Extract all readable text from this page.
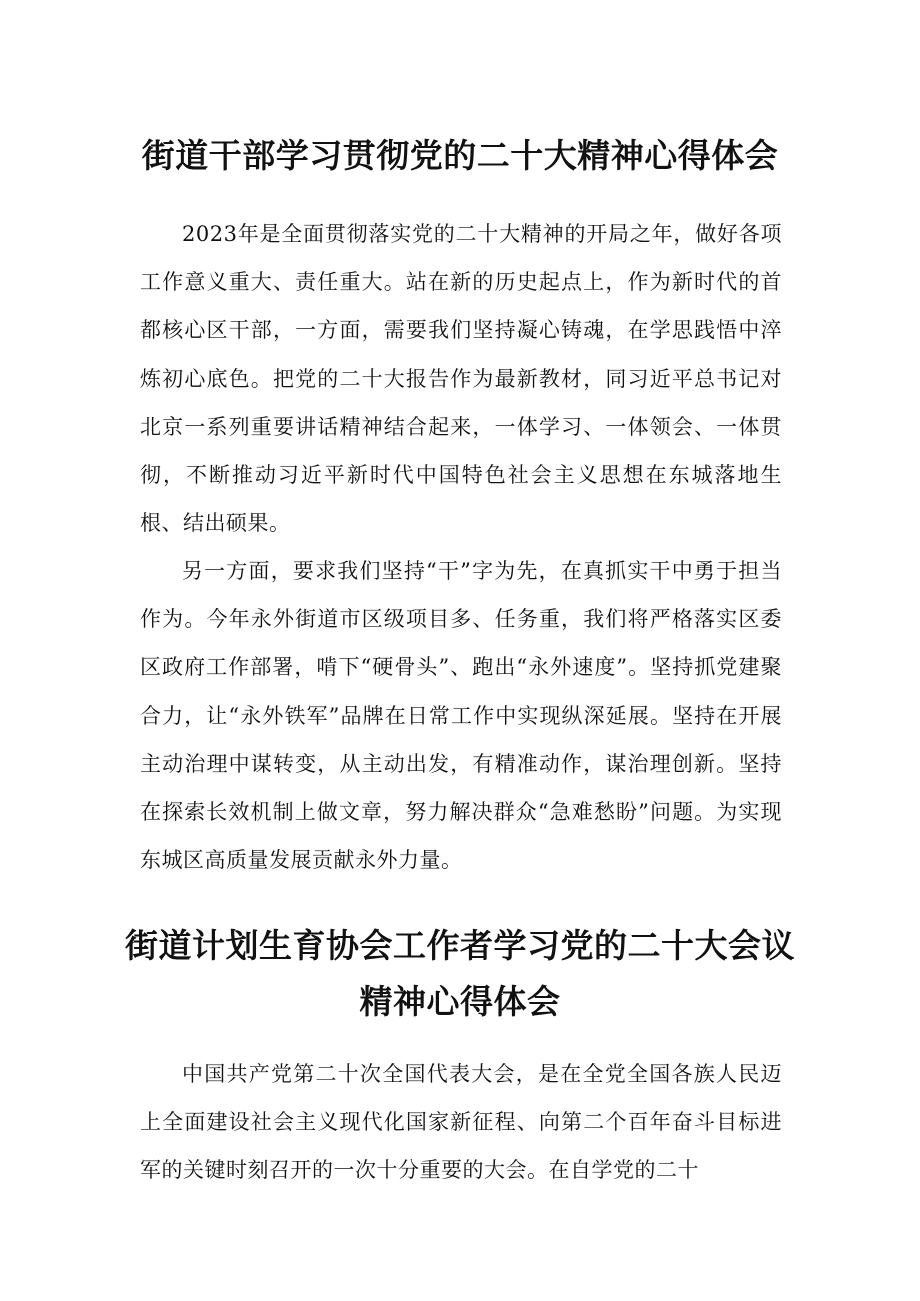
街道干部学习贯彻党的二十大精神心得体会

2023年是全面贯彻落实党的二十大精神的开局之年，做好各项工作意义重大、责任重大。站在新的历史起点上，作为新时代的首都核心区干部，一方面，需要我们坚持凝心铸魂，在学思践悟中淬炼初心底色。把党的二十大报告作为最新教材，同习近平总书记对北京一系列重要讲话精神结合起来，一体学习、一体领会、一体贯彻，不断推动习近平新时代中国特色社会主义思想在东城落地生根、结出硕果。

另一方面，要求我们坚持“干”字为先，在真抓实干中勇于担当作为。今年永外街道市区级项目多、任务重，我们将严格落实区委区政府工作部署，啃下“硬骨头”、跑出“永外速度”。坚持抓党建聚合力，让“永外铁军”品牌在日常工作中实现纵深延展。坚持在开展主动治理中谋转变，从主动出发，有精准动作，谋治理创新。坚持在探索长效机制上做文章，努力解决群众“急难愁盼”问题。为实现东城区高质量发展贡献永外力量。

街道计划生育协会工作者学习党的二十大会议精神心得体会

中国共产党第二十次全国代表大会，是在全党全国各族人民迈上全面建设社会主义现代化国家新征程、向第二个百年奋斗目标进军的关键时刻召开的一次十分重要的大会。在自学党的二十
